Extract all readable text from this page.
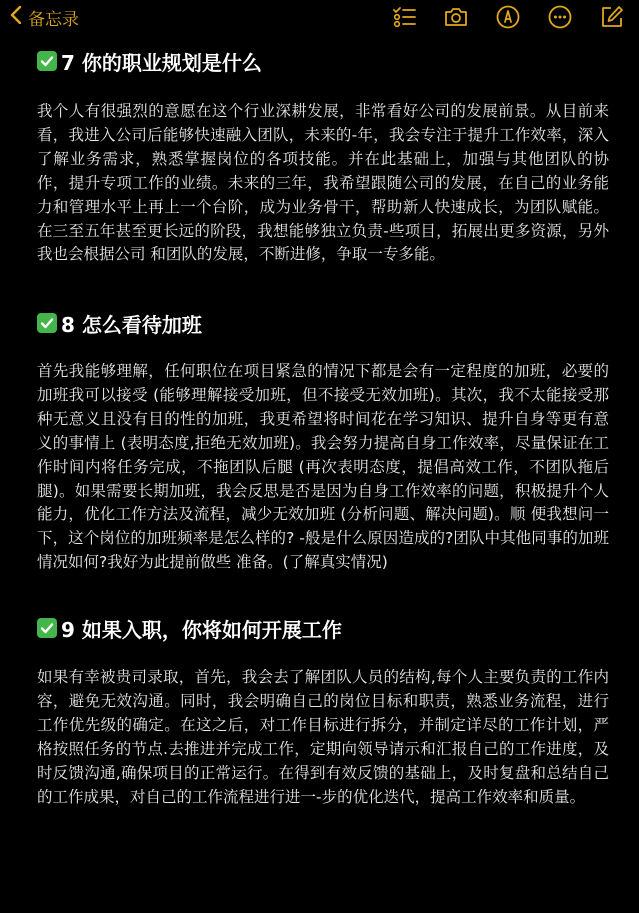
备忘录
7 你的职业规划是什么

我个人有很强烈的意愿在这个行业深耕发展，非常看好公司的发展前景。从目前来看，我进入公司后能够快速融入团队，未来的-年，我会专注于提升工作效率，深入了解业务需求，熟悉掌握岗位的各项技能。并在此基础上，加强与其他团队的协作，提升专项工作的业绩。未来的三年，我希望跟随公司的发展，在自己的业务能力和管理水平上再上一个台阶，成为业务骨干，帮助新人快速成长，为团队赋能。在三至五年甚至更长远的阶段，我想能够独立负责-些项目，拓展出更多资源，另外我也会根据公司 和团队的发展，不断进修，争取一专多能。

8 怎么看待加班

首先我能够理解，任何职位在项目紧急的情况下都是会有一定程度的加班，必要的加班我可以接受 (能够理解接受加班，但不接受无效加班)。其次，我不太能接受那种无意义且没有目的性的加班，我更希望将时间花在学习知识、提升自身等更有意义的事情上 (表明态度,拒绝无效加班)。我会努力提高自身工作效率，尽量保证在工作时间内将任务完成，不拖团队后腿 (再次表明态度，提倡高效工作，不团队拖后腿)。如果需要长期加班，我会反思是否是因为自身工作效率的问题，积极提升个人能力，优化工作方法及流程，减少无效加班 (分析问题、解决问题)。顺 便我想问一下，这个岗位的加班频率是怎么样的? -般是什么原因造成的?团队中其他同事的加班情况如何?我好为此提前做些 准备。(了解真实情况)

9 如果入职，你将如何开展工作

如果有幸被贵司录取，首先，我会去了解团队人员的结构,每个人主要负责的工作内容，避免无效沟通。同时，我会明确自己的岗位目标和职责，熟悉业务流程，进行工作优先级的确定。在这之后，对工作目标进行拆分，并制定详尽的工作计划，严格按照任务的节点.去推进并完成工作，定期向领导请示和汇报自己的工作进度，及时反馈沟通,确保项目的正常运行。在得到有效反馈的基础上，及时复盘和总结自己的工作成果，对自己的工作流程进行进一-步的优化迭代，提高工作效率和质量。
